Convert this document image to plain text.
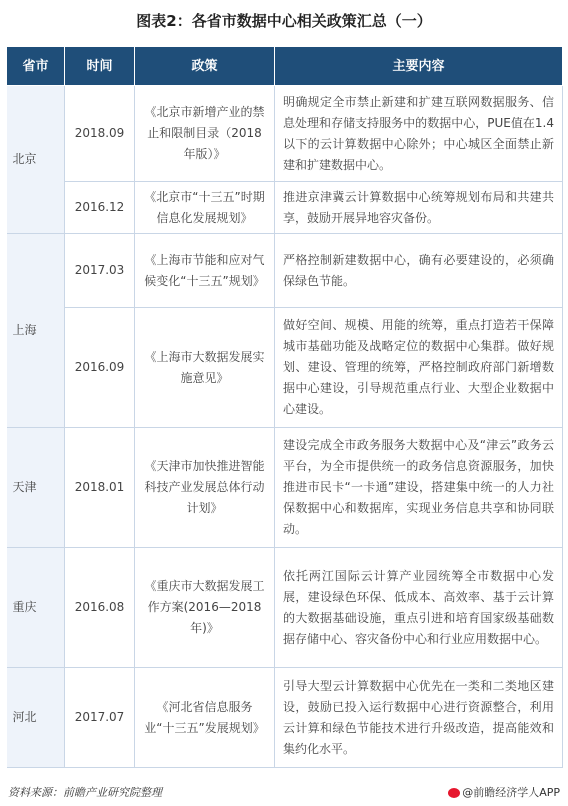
图表2：各省市数据中心相关政策汇总（一）
省市	时间	政策	主要内容
北京	2018.09	《北京市新增产业的禁止和限制目录（2018年版）》	明确规定全市禁止新建和扩建互联网数据服务、信息处理和存储支持服务中的数据中心，PUE值在1.4以下的云计算数据中心除外；中心城区全面禁止新建和扩建数据中心。
	2016.12	《北京市“十三五”时期信息化发展规划》	推进京津冀云计算数据中心统筹规划布局和共建共享，鼓励开展异地容灾备份。
上海	2017.03	《上海市节能和应对气候变化“十三五”规划》	严格控制新建数据中心，确有必要建设的，必须确保绿色节能。
	2016.09	《上海市大数据发展实施意见》	做好空间、规模、用能的统筹，重点打造若干保障城市基础功能及战略定位的数据中心集群。做好规划、建设、管理的统筹，严格控制政府部门新增数据中心建设，引导规范重点行业、大型企业数据中心建设。
天津	2018.01	《天津市加快推进智能科技产业发展总体行动计划》	建设完成全市政务服务大数据中心及“津云”政务云平台，为全市提供统一的政务信息资源服务，加快推进市民卡“一卡通”建设，搭建集中统一的人力社保数据中心和数据库，实现业务信息共享和协同联动。
重庆	2016.08	《重庆市大数据发展工作方案(2016—2018年)》	依托两江国际云计算产业园统筹全市数据中心发展，建设绿色环保、低成本、高效率、基于云计算的大数据基础设施，重点引进和培育国家级基础数据存储中心、容灾备份中心和行业应用数据中心。
河北	2017.07	《河北省信息服务业“十三五”发展规划》	引导大型云计算数据中心优先在一类和二类地区建设，鼓励已投入运行数据中心进行资源整合，利用云计算和绿色节能技术进行升级改造，提高能效和集约化水平。
资料来源：前瞻产业研究院整理	@前瞻经济学人APP
